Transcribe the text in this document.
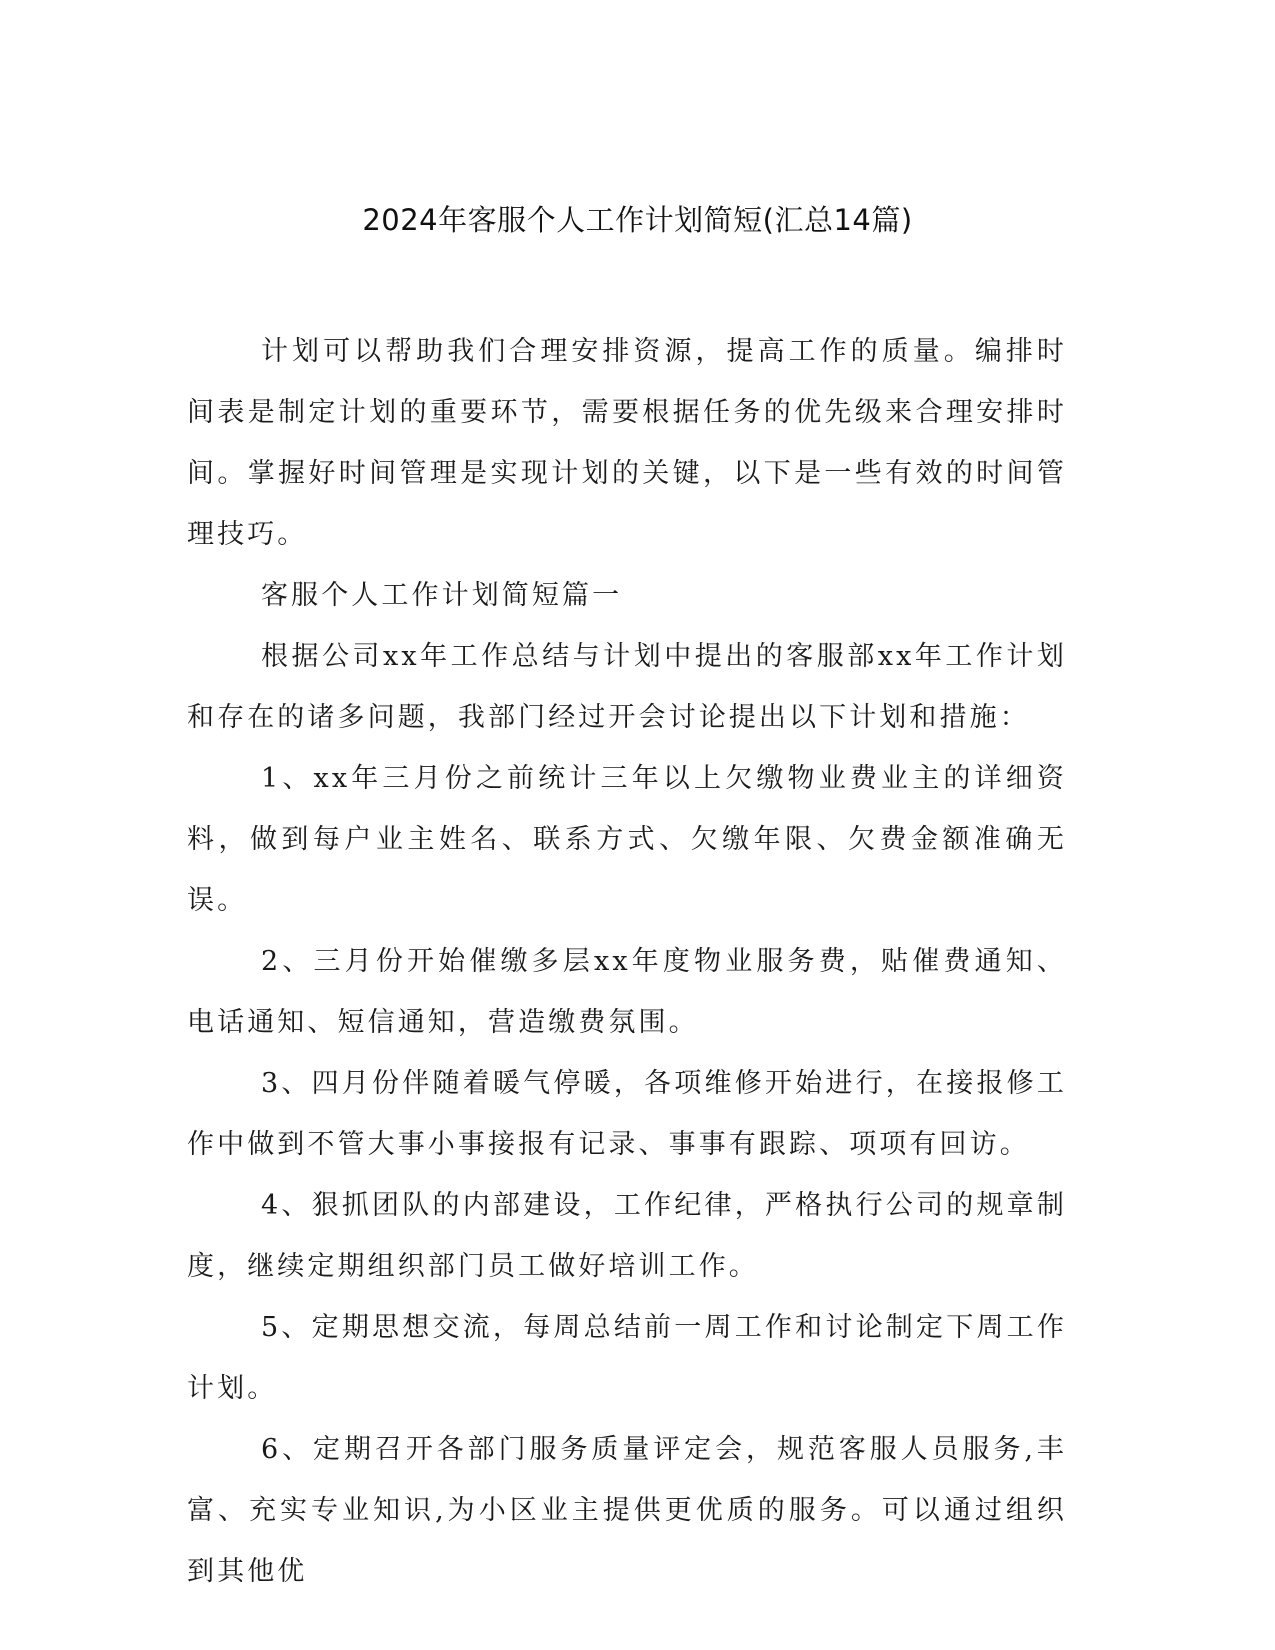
2024年客服个人工作计划简短(汇总14篇)

计划可以帮助我们合理安排资源，提高工作的质量。编排时间表是制定计划的重要环节，需要根据任务的优先级来合理安排时间。掌握好时间管理是实现计划的关键，以下是一些有效的时间管理技巧。

客服个人工作计划简短篇一

根据公司xx年工作总结与计划中提出的客服部xx年工作计划和存在的诸多问题，我部门经过开会讨论提出以下计划和措施：

1、xx年三月份之前统计三年以上欠缴物业费业主的详细资料，做到每户业主姓名、联系方式、欠缴年限、欠费金额准确无误。

2、三月份开始催缴多层xx年度物业服务费，贴催费通知、电话通知、短信通知，营造缴费氛围。

3、四月份伴随着暖气停暖，各项维修开始进行，在接报修工作中做到不管大事小事接报有记录、事事有跟踪、项项有回访。

4、狠抓团队的内部建设，工作纪律，严格执行公司的规章制度，继续定期组织部门员工做好培训工作。

5、定期思想交流，每周总结前一周工作和讨论制定下周工作计划。

6、定期召开各部门服务质量评定会，规范客服人员服务,丰富、充实专业知识,为小区业主提供更优质的服务。可以通过组织到其他优
